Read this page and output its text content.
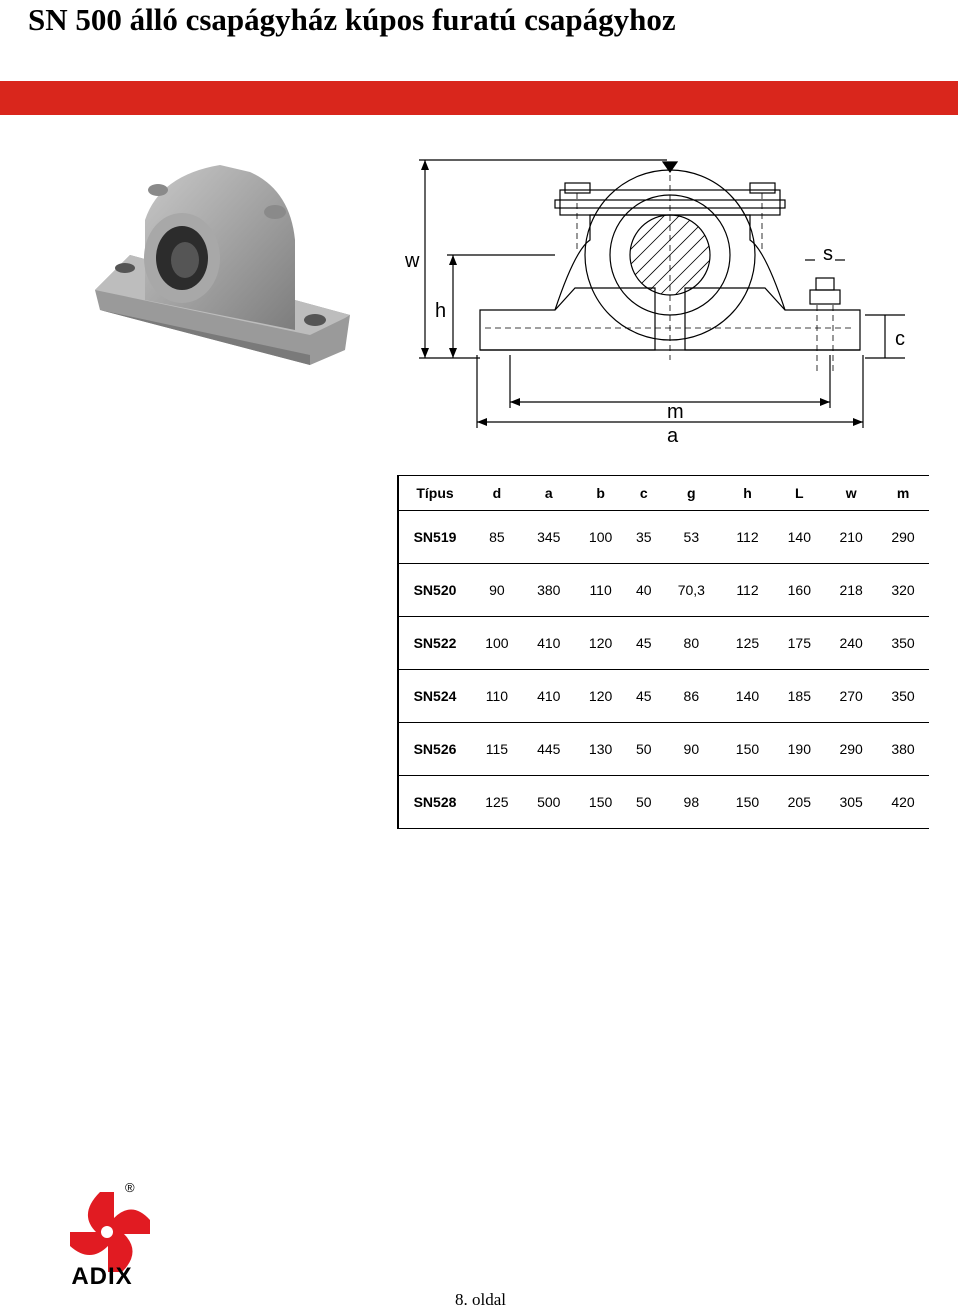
SN 500 álló csapágyház kúpos furatú csapágyhoz
w
h
s
c
m
a
Típus	d	a	b	c	g	h	L	w	m
SN519	85	345	100	35	53	112	140	210	290
SN520	90	380	110	40	70,3	112	160	218	320
SN522	100	410	120	45	80	125	175	240	350
SN524	110	410	120	45	86	140	185	270	350
SN526	115	445	130	50	90	150	190	290	380
SN528	125	500	150	50	98	150	205	305	420
®
ADIX
8. oldal
